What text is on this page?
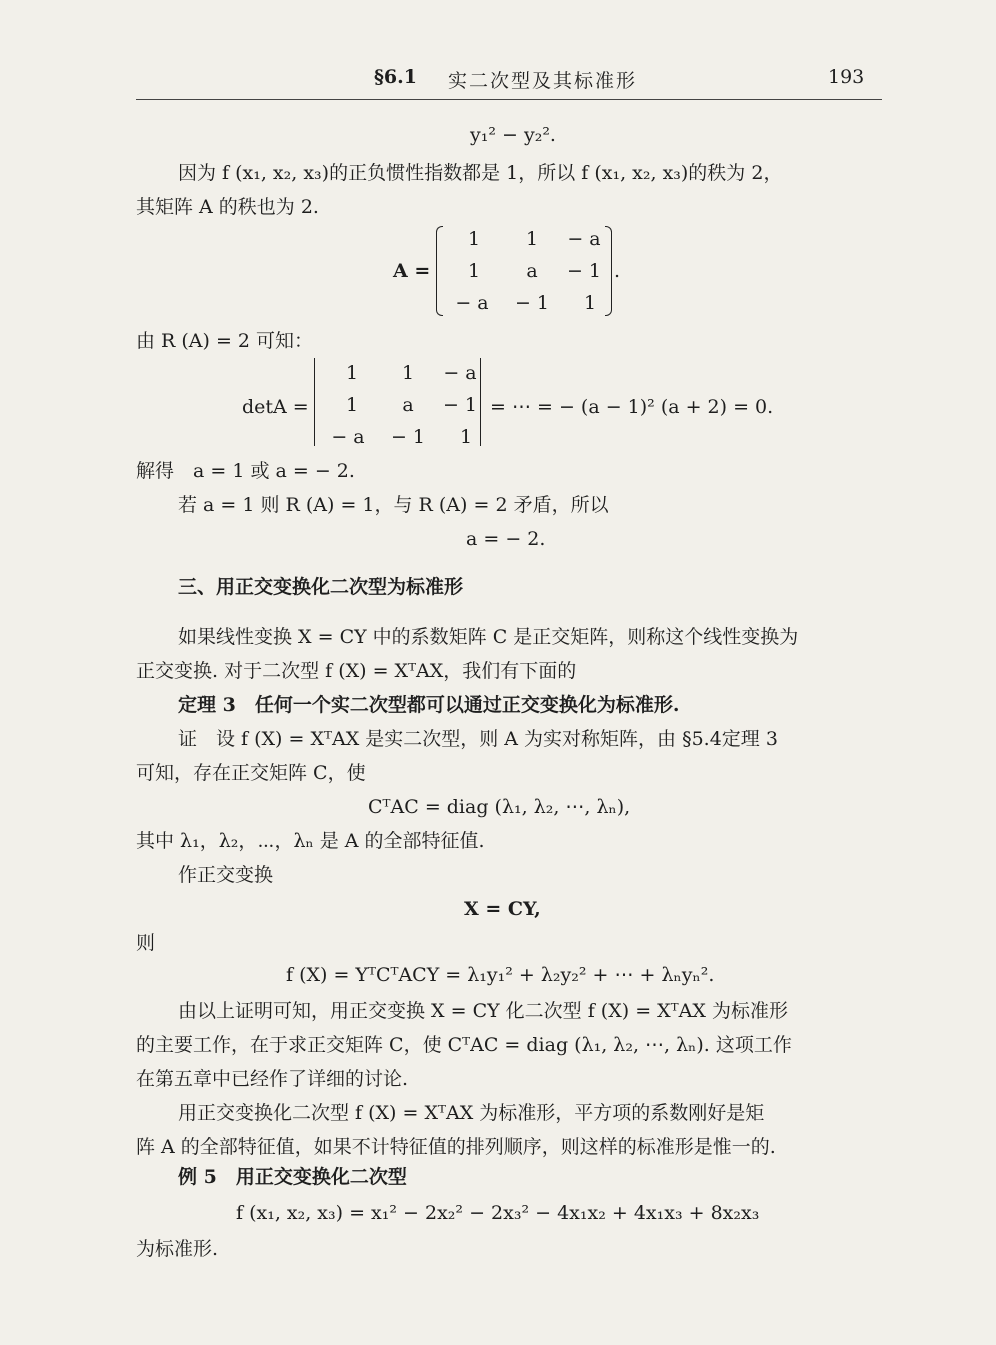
§6.1 实二次型及其标准形	193
y₁² − y₂².
因为 f (x₁, x₂, x₃)的正负惯性指数都是 1，所以 f (x₁, x₂, x₃)的秩为 2，
其矩阵 A 的秩也为 2.
A =
1	1	− a
1	a	− 1
− a	− 1	1
.
由 R (A) = 2 可知：
detA =
1	1	− a
1	a	− 1
− a	− 1	1
= ⋯ = − (a − 1)² (a + 2) = 0.
解得　a = 1 或 a = − 2.
若 a = 1 则 R (A) = 1，与 R (A) = 2 矛盾，所以
a = − 2.
三、用正交变换化二次型为标准形
如果线性变换 X = CY 中的系数矩阵 C 是正交矩阵，则称这个线性变换为
正交变换. 对于二次型 f (X) = XᵀAX，我们有下面的
定理 3　任何一个实二次型都可以通过正交变换化为标准形.
证　设 f (X) = XᵀAX 是实二次型，则 A 为实对称矩阵，由 §5.4定理 3
可知，存在正交矩阵 C，使
CᵀAC = diag (λ₁, λ₂, ⋯, λₙ),
其中 λ₁，λ₂，⋯，λₙ 是 A 的全部特征值.
作正交变换
X = CY,
则
f (X) = YᵀCᵀACY = λ₁y₁² + λ₂y₂² + ⋯ + λₙyₙ².
由以上证明可知，用正交变换 X = CY 化二次型 f (X) = XᵀAX 为标准形
的主要工作，在于求正交矩阵 C，使 CᵀAC = diag (λ₁, λ₂, ⋯, λₙ). 这项工作
在第五章中已经作了详细的讨论.
用正交变换化二次型 f (X) = XᵀAX 为标准形，平方项的系数刚好是矩
阵 A 的全部特征值，如果不计特征值的排列顺序，则这样的标准形是惟一的.
例 5　用正交变换化二次型
f (x₁, x₂, x₃) = x₁² − 2x₂² − 2x₃² − 4x₁x₂ + 4x₁x₃ + 8x₂x₃
为标准形.
